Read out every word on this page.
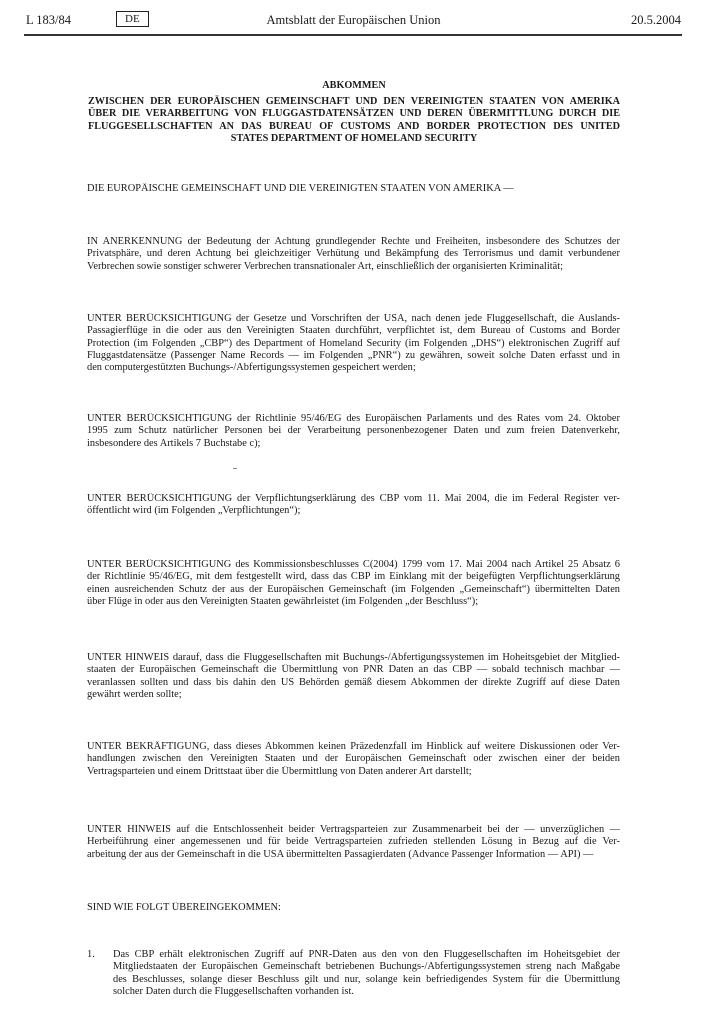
L 183/84	DE	Amtsblatt der Europäischen Union	20.5.2004
ABKOMMEN
ZWISCHEN DER EUROPÄISCHEN GEMEINSCHAFT UND DEN VEREINIGTEN STAATEN VON AMERIKA
ÜBER DIE VERARBEITUNG VON FLUGGASTDATENSÄTZEN UND DEREN ÜBERMITTLUNG DURCH DIE
FLUGGESELLSCHAFTEN AN DAS BUREAU OF CUSTOMS AND BORDER PROTECTION DES UNITED
STATES DEPARTMENT OF HOMELAND SECURITY
DIE EUROPÄISCHE GEMEINSCHAFT UND DIE VEREINIGTEN STAATEN VON AMERIKA —
IN ANERKENNUNG der Bedeutung der Achtung grundlegender Rechte und Freiheiten, insbesondere des Schutzes der
Privatsphäre, und deren Achtung bei gleichzeitiger Verhütung und Bekämpfung des Terrorismus und damit verbundener
Verbrechen sowie sonstiger schwerer Verbrechen transnationaler Art, einschließlich der organisierten Kriminalität;
UNTER BERÜCKSICHTIGUNG der Gesetze und Vorschriften der USA, nach denen jede Fluggesellschaft, die Auslands-
Passagierflüge in die oder aus den Vereinigten Staaten durchführt, verpflichtet ist, dem Bureau of Customs and Border
Protection (im Folgenden „CBP“) des Department of Homeland Security (im Folgenden „DHS“) elektronischen Zugriff auf
Fluggastdatensätze (Passenger Name Records — im Folgenden „PNR“) zu gewähren, soweit solche Daten erfasst und in
den computergestützten Buchungs-/Abfertigungssystemen gespeichert werden;
UNTER BERÜCKSICHTIGUNG der Richtlinie 95/46/EG des Europäischen Parlaments und des Rates vom 24. Oktober
1995 zum Schutz natürlicher Personen bei der Verarbeitung personenbezogener Daten und zum freien Datenverkehr,
insbesondere des Artikels 7 Buchstabe c);
UNTER BERÜCKSICHTIGUNG der Verpflichtungserklärung des CBP vom 11. Mai 2004, die im Federal Register ver-
öffentlicht wird (im Folgenden „Verpflichtungen“);
UNTER BERÜCKSICHTIGUNG des Kommissionsbeschlusses C(2004) 1799 vom 17. Mai 2004 nach Artikel 25 Absatz 6
der Richtlinie 95/46/EG, mit dem festgestellt wird, dass das CBP im Einklang mit der beigefügten Verpflichtungserklärung
einen ausreichenden Schutz der aus der Europäischen Gemeinschaft (im Folgenden „Gemeinschaft“) übermittelten Daten
über Flüge in oder aus den Vereinigten Staaten gewährleistet (im Folgenden „der Beschluss“);
UNTER HINWEIS darauf, dass die Fluggesellschaften mit Buchungs-/Abfertigungssystemen im Hoheitsgebiet der Mitglied-
staaten der Europäischen Gemeinschaft die Übermittlung von PNR Daten an das CBP — sobald technisch machbar —
veranlassen sollten und dass bis dahin den US Behörden gemäß diesem Abkommen der direkte Zugriff auf diese Daten
gewährt werden sollte;
UNTER BEKRÄFTIGUNG, dass dieses Abkommen keinen Präzedenzfall im Hinblick auf weitere Diskussionen oder Ver-
handlungen zwischen den Vereinigten Staaten und der Europäischen Gemeinschaft oder zwischen einer der beiden
Vertragsparteien und einem Drittstaat über die Übermittlung von Daten anderer Art darstellt;
UNTER HINWEIS auf die Entschlossenheit beider Vertragsparteien zur Zusammenarbeit bei der — unverzüglichen —
Herbeiführung einer angemessenen und für beide Vertragsparteien zufrieden stellenden Lösung in Bezug auf die Ver-
arbeitung der aus der Gemeinschaft in die USA übermittelten Passagierdaten (Advance Passenger Information — API) —
SIND WIE FOLGT ÜBEREINGEKOMMEN:
1. Das CBP erhält elektronischen Zugriff auf PNR-Daten aus den von den Fluggesellschaften im Hoheitsgebiet der
Mitgliedstaaten der Europäischen Gemeinschaft betriebenen Buchungs-/Abfertigungssystemen streng nach Maßgabe
des Beschlusses, solange dieser Beschluss gilt und nur, solange kein befriedigendes System für die Übermittlung
solcher Daten durch die Fluggesellschaften vorhanden ist.
